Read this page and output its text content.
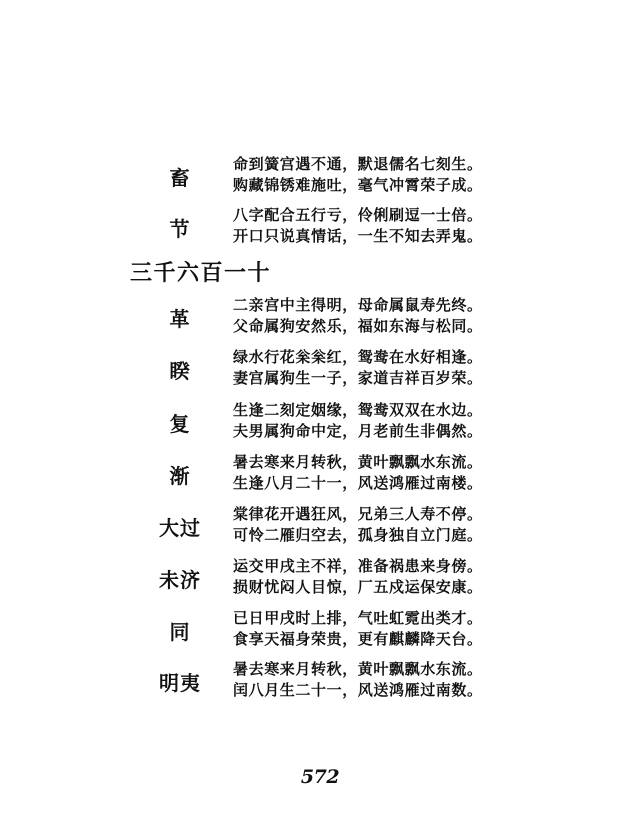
畜
命到簧宫遇不通，默退儒名七刻生。
购藏锦锈难施吐，毫气冲霄荣子成。
节
八字配合五行亏，伶俐刷逗一士倍。
开口只说真情话，一生不知去弄鬼。
三千六百一十
革
二亲宫中主得明，母命属鼠寿先终。
父命属狗安然乐，福如东海与松同。
睽
绿水行花枀枀红，鸳鸯在水好相逢。
妻宫属狗生一子，家道吉祥百岁荣。
复
生逢二刻定姻缘，鸳鸯双双在水边。
夫男属狗命中定，月老前生非偶然。
渐
暑去寒来月转秋，黄叶飘飘水东流。
生逢八月二十一，风送鸿雁过南楼。
大过
棠律花开遇狂风，兄弟三人寿不停。
可怜二雁归空去，孤身独自立门庭。
未济
运交甲戌主不祥，准备祸患来身傍。
损财忧闷人目惊，厂五戍运保安康。
同
已日甲戌时上排，气吐虹霓出类才。
食享天福身荣贵，更有麒麟降天台。
明夷
暑去寒来月转秋，黄叶飘飘水东流。
闰八月生二十一，风送鸿雁过南数。
572
